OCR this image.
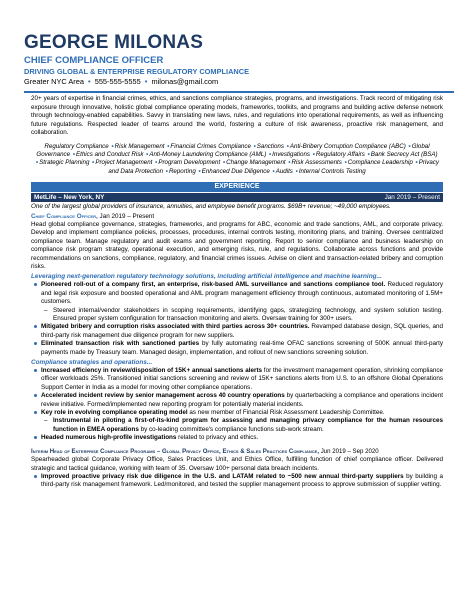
GEORGE MILONAS
CHIEF COMPLIANCE OFFICER
DRIVING GLOBAL & ENTERPRISE REGULATORY COMPLIANCE
Greater NYC Area • 555-555-5555 • milonas@gmail.com
20+ years of expertise in financial crimes, ethics, and sanctions compliance strategies, programs, and investigations. Track record of mitigating risk exposure through innovative, holistic global compliance operating models, frameworks, toolkits, and programs and building active defense network through technology-enabled capabilities. Savvy in translating new laws, rules, and regulations into operational requirements, as well as influencing future regulations. Respected leader of teams around the world, fostering a culture of risk awareness, proactive risk management, and collaboration.
Regulatory Compliance •Risk Management •Financial Crimes Compliance •Sanctions •Anti-Bribery Corruption Compliance (ABC) •Global Governance •Ethics and Conduct Risk •Anti-Money Laundering Compliance (AML) •Investigations •Regulatory Affairs •Bank Secrecy Act (BSA) •Strategic Planning •Project Management •Program Development •Change Management •Risk Assessments •Compliance Leadership •Privacy and Data Protection •Reporting •Enhanced Due Diligence •Audits •Internal Controls Testing
EXPERIENCE
MetLife – New York, NY	Jan 2019 – Present
One of the largest global providers of insurance, annuities, and employee benefit programs. $69B+ revenue; ~49,000 employees.
Chief Compliance Officer, Jan 2019 – Present
Head global compliance governance, strategies, frameworks, and programs for ABC, economic and trade sanctions, AML, and corporate privacy. Develop and implement compliance policies, processes, procedures, internal controls testing, monitoring plans, and training. Oversee centralized compliance team. Manage regulatory and audit exams and government reporting. Report to senior compliance and business leadership on compliance risk program strategy, operational execution, and emerging risks, rule, and regulations. Collaborate across functions and provide recommendations on sanctions, compliance, regulatory, and financial crimes issues. Advise on client and transaction-related bribery and corruption risks.
Leveraging next-generation regulatory technology solutions, including artificial intelligence and machine learning...
Pioneered roll-out of a company first, an enterprise, risk-based AML surveillance and sanctions compliance tool. Reduced regulatory and legal risk exposure and boosted operational and AML program management efficiency through continuous, automated monitoring of 1.5M+ customers.
– Steered internal/vendor stakeholders in scoping requirements, identifying gaps, strategizing technology, and system solution testing. Ensured proper system configuration for transaction monitoring and alerts. Oversaw training for 300+ users.
Mitigated bribery and corruption risks associated with third parties across 30+ countries. Revamped database design, SQL queries, and third-party risk management due diligence program for new suppliers.
Eliminated transaction risk with sanctioned parties by fully automating real-time OFAC sanctions screening of 500K annual third-party payments made by Treasury team. Managed design, implementation, and rollout of new sanctions screening solution.
Compliance strategies and operations...
Increased efficiency in review/disposition of 15K+ annual sanctions alerts for the investment management operation, shrinking compliance officer workloads 25%. Transitioned initial sanctions screening and review of 15K+ sanctions alerts from U.S. to an offshore Global Operations Support Center in India as a model for moving other compliance operations.
Accelerated incident review by senior management across 40 country operations by quarterbacking a compliance and operations incident review initiative. Formed/implemented new reporting program for potentially material incidents.
Key role in evolving compliance operating model as new member of Financial Risk Assessment Leadership Committee.
– Instrumental in piloting a first-of-its-kind program for assessing and managing privacy compliance for the human resources function in EMEA operations by co-leading committee's compliance functions sub-work stream.
Headed numerous high-profile investigations related to privacy and ethics.
Interim Head of Enterprise Compliance Programs – Global Privacy Office, Ethics & Sales Practices Compliance, Jun 2019 – Sep 2020
Spearheaded global Corporate Privacy Office, Sales Practices Unit, and Ethics Office, fulfilling function of chief compliance officer. Delivered strategic and tactical guidance, working with team of 35. Oversaw 100+ personal data breach incidents.
Improved proactive privacy risk due diligence in the U.S. and LATAM related to ~500 new annual third-party suppliers by building a third-party risk management framework. Led/monitored, and tested the supplier management process to approve submission of supplier vetting.
